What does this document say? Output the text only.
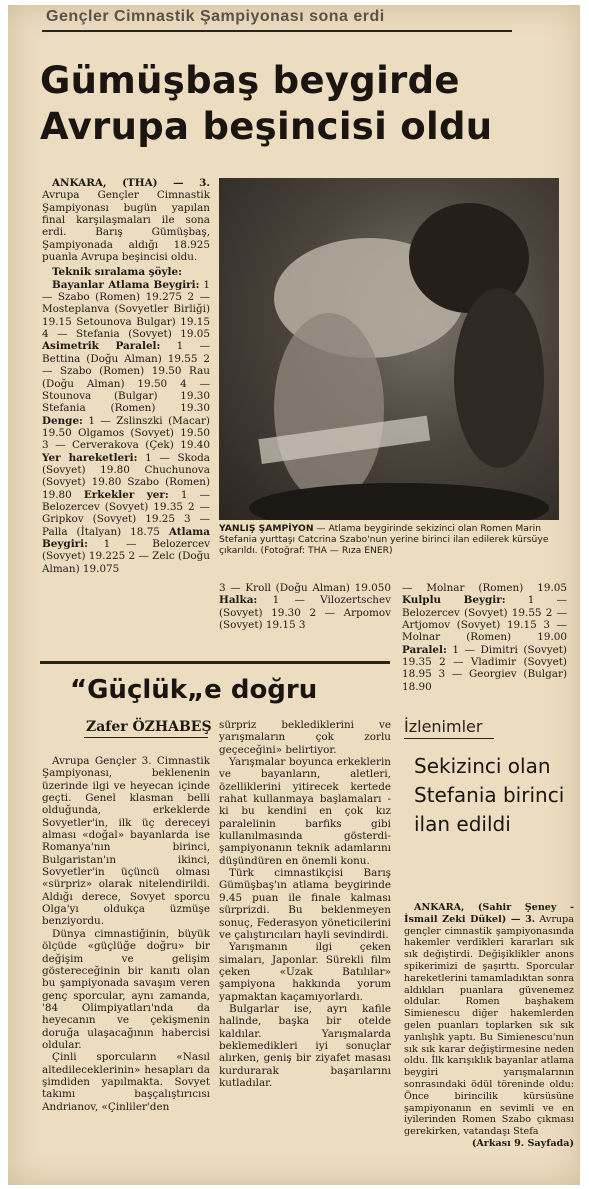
Gençler Cimnastik Şampiyonası sona erdi
Gümüşbaş beygirde
Avrupa beşincisi oldu

ANKARA, (THA) — 3. Avrupa Gençler Cimnastik Şampiyonası bugün yapılan final karşılaşmaları ile sona erdi. Barış Gümüşbaş, Şampiyonada aldığı 18.925 puanla Avrupa beşincisi oldu.

Teknik sıralama şöyle:

Bayanlar Atlama Beygiri: 1 — Szabo (Romen) 19.275 2 — Mosteplanva (Sovyetler Birliği) 19.15 Setounova Bulgar) 19.15 4 — Stefania (Sovyet) 19.05 Asimetrik Paralel: 1 — Bettina (Doğu Alman) 19.55 2 — Szabo (Romen) 19.50 Rau (Doğu Alman) 19.50 4 — Stounova (Bulgar) 19.30 Stefania (Romen) 19.30 Denge: 1 — Zslinszki (Macar) 19.50 Olgamos (Sovyet) 19.50 3 — Cerverakova (Çek) 19.40 Yer hareketleri: 1 — Skoda (Sovyet) 19.80 Chuchunova (Sovyet) 19.80 Szabo (Romen) 19.80 Erkekler yer: 1 — Belozercev (Sovyet) 19.35 2 — Gripkov (Sovyet) 19.25 3 — Palla (İtalyan) 18.75 Atlama Beygiri: 1 — Belozercev (Sovyet) 19.225 2 — Zelc (Doğu Alman) 19.075

YANLIŞ ŞAMPİYON — Atlama beygirinde sekizinci olan Romen Marin Stefania yurttaşı Catcrina Szabo'nun yerine birinci ilan edilerek kürsüye çıkarıldı. (Fotoğraf: THA — Rıza ENER)

3 — Kroll (Doğu Alman) 19.050 Halka: 1 — Vilozertschev (Sovyet) 19.30 2 — Arpomov (Sovyet) 19.15 3

— Molnar (Romen) 19.05 Kulplu Beygir: 1 — Belozercev (Sovyet) 19.55 2 — Artjomov (Sovyet) 19.15 3 — Molnar (Romen) 19.00 Paralel: 1 — Dimitri (Sovyet) 19.35 2 — Vladimir (Sovyet) 18.95 3 — Georgiev (Bulgar) 18.90

“Güçlük„e doğru
Zafer ÖZHABEŞ

Avrupa Gençler 3. Cimnastik Şampiyonası, beklenenin üzerinde ilgi ve heyecan içinde geçti. Genel klasman belli olduğunda, erkeklerde Sovyetler'in, ilk üç dereceyi alması «doğal» bayanlarda ise Romanya'nın birinci, Bulgaristan'ın ikinci, Sovyetler'in üçüncü olması «sürpriz» olarak nitelendirildi. Aldığı derece, Sovyet sporcu Olga'yı oldukça üzmüşe benziyordu.

Dünya cimnastiğinin, büyük ölçüde «güçlüğe doğru» bir değişim ve gelişim göstereceğinin bir kanıtı olan bu şampiyonada savaşım veren genç sporcular, aynı zamanda, '84 Olimpiyatları'nda da heyecanın ve çekişmenin doruğa ulaşacağının habercisi oldular.

Çinli sporcuların «Nasıl altedileceklerinin» hesapları da şimdiden yapılmakta. Sovyet takımı başçalıştırıcısı Andrianov, «Çinliler'den

sürpriz beklediklerini ve yarışmaların çok zorlu geçeceğini» belirtiyor.

Yarışmalar boyunca erkeklerin ve bayanların, aletleri, özelliklerini yitirecek kertede rahat kullanmaya başlamaları -ki bu kendini en çok kız paralelinin barfiks gibi kullanılmasında gösterdi- şampiyonanın teknik adamlarını düşündüren en önemli konu.

Türk cimnastikçisi Barış Gümüşbaş'ın atlama beygirinde 9.45 puan ile finale kalması sürprizdi. Bu beklenmeyen sonuç, Federasyon yöneticilerini ve çalıştırıcıları hayli sevindirdi.

Yarışmanın ilgi çeken simaları, Japonlar. Sürekli film çeken «Uzak Batılılar» şampiyona hakkında yorum yapmaktan kaçamıyorlardı.

Bulgarlar ise, ayrı kafile halinde, başka bir otelde kaldılar. Yarışmalarda beklemedikleri iyi sonuçlar alırken, geniş bir ziyafet masası kurdurarak başarılarını kutladılar.

İzlenimler
Sekizinci olan Stefania birinci ilan edildi

ANKARA, (Sahir Şeney - İsmail Zeki Dükel) — 3. Avrupa gençler cimnastik şampiyonasında hakemler verdikleri kararları sık sık değiştirdi. Değişiklikler anons spikerimizi de şaşırttı. Sporcular hareketlerini tamamladıktan sonra aldıkları puanlara güvenemez oldular. Romen başhakem Simienescu diğer hakemlerden gelen puanları toplarken sık sık yanlışlık yaptı. Bu Simienescu'nun sık sık karar değiştirmesine neden oldu. İlk karışıklık bayanlar atlama beygiri yarışmalarının sonrasındaki ödül töreninde oldu: Önce birincilik kürsüsüne şampiyonanın en sevimli ve en iyilerinden Romen Szabo çıkması gerekirken, vatandaşı Stefa

(Arkası 9. Sayfada)
